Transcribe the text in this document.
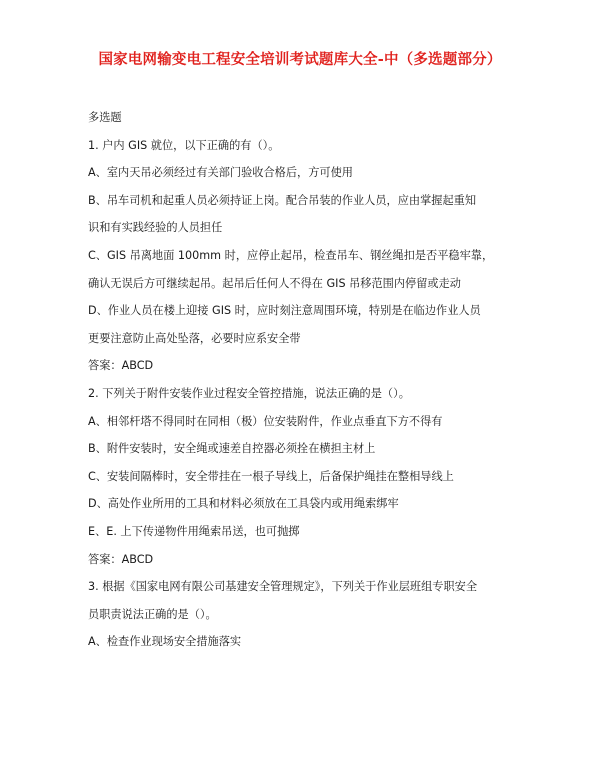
国家电网输变电工程安全培训考试题库大全-中（多选题部分）
多选题
1. 户内 GIS 就位，以下正确的有（）。
A、室内天吊必须经过有关部门验收合格后，方可使用
B、吊车司机和起重人员必须持证上岗。配合吊装的作业人员，应由掌握起重知
识和有实践经验的人员担任
C、GIS 吊离地面 100mm 时，应停止起吊，检查吊车、钢丝绳扣是否平稳牢靠，
确认无误后方可继续起吊。起吊后任何人不得在 GIS 吊移范围内停留或走动
D、作业人员在楼上迎接 GIS 时，应时刻注意周围环境，特别是在临边作业人员
更要注意防止高处坠落，必要时应系安全带
答案：ABCD
2. 下列关于附件安装作业过程安全管控措施，说法正确的是（）。
A、相邻杆塔不得同时在同相（极）位安装附件，作业点垂直下方不得有
B、附件安装时，安全绳或速差自控器必须拴在横担主材上
C、安装间隔棒时，安全带挂在一根子导线上，后备保护绳挂在整相导线上
D、高处作业所用的工具和材料必须放在工具袋内或用绳索绑牢
E、E. 上下传递物件用绳索吊送，也可抛掷
答案：ABCD
3. 根据《国家电网有限公司基建安全管理规定》，下列关于作业层班组专职安全
员职责说法正确的是（）。
A、检查作业现场安全措施落实
